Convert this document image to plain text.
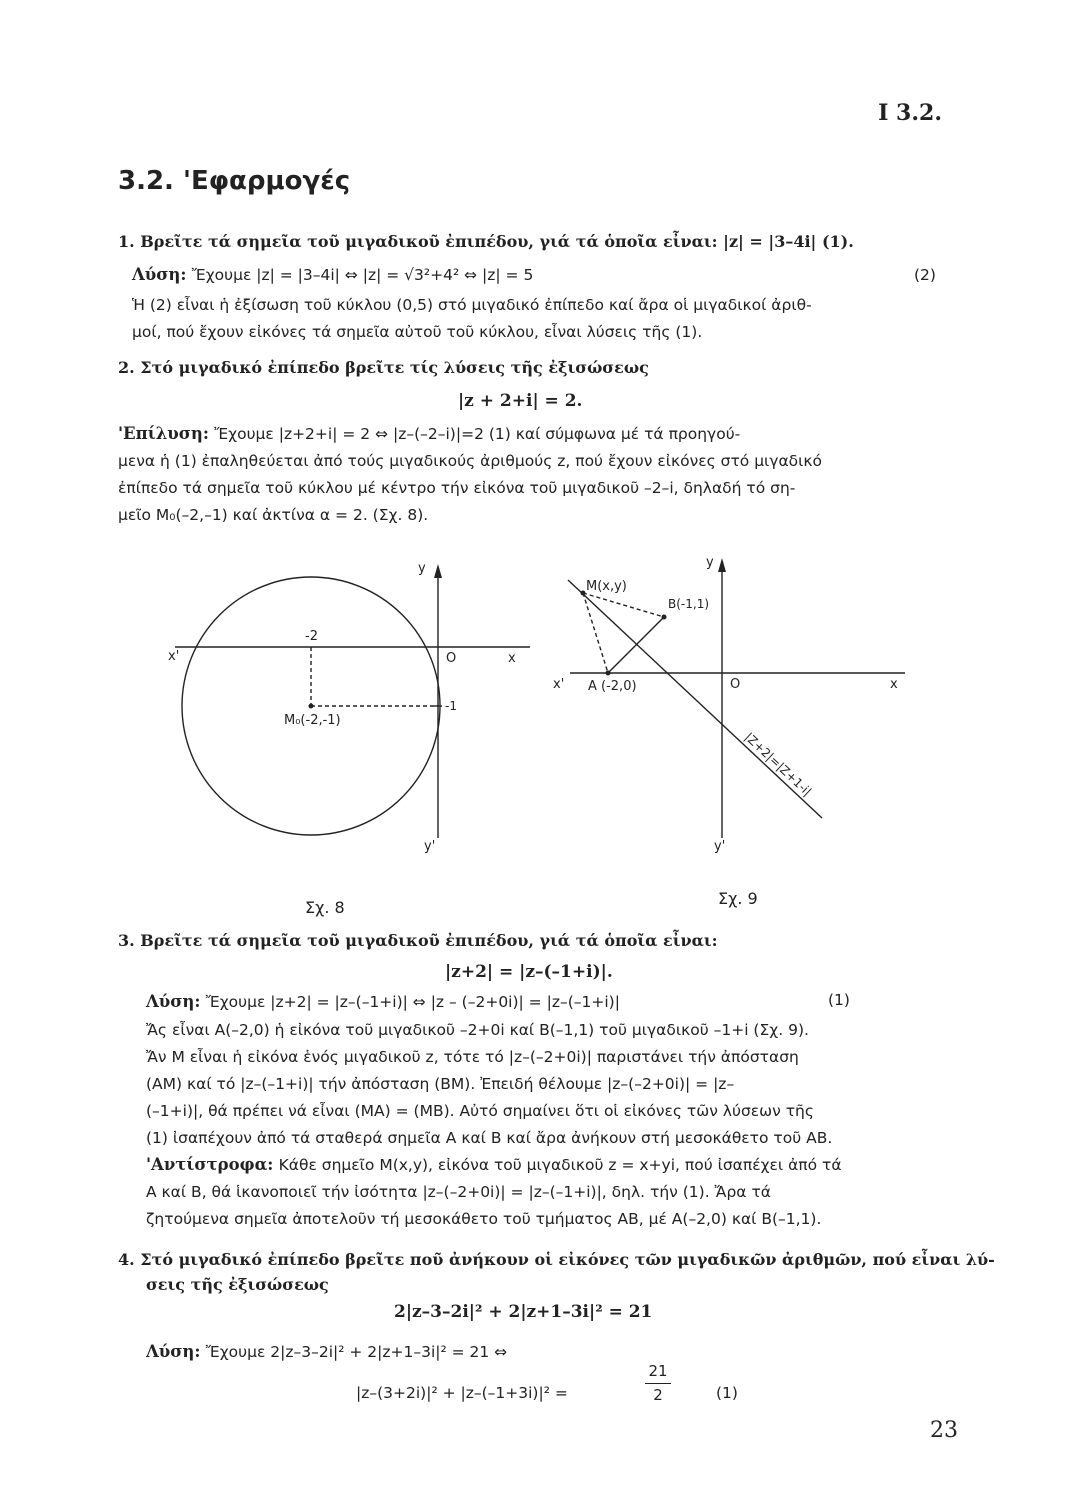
I 3.2.
3.2. 'Εφαρμογές
1. Βρεῖτε τά σημεῖα τοῦ μιγαδικοῦ ἐπιπέδου, γιά τά ὁποῖα εἶναι: |z| = |3–4i| (1).
Λύση: Ἔχουμε |z| = |3–4i| ⇔ |z| = √3²+4² ⇔ |z| = 5	(2)
Ἡ (2) εἶναι ἡ ἐξίσωση τοῦ κύκλου (0,5) στό μιγαδικό ἐπίπεδο καί ἄρα οἱ μιγαδικοί ἀριθ-
μοί, πού ἔχουν εἰκόνες τά σημεῖα αὐτοῦ τοῦ κύκλου, εἶναι λύσεις τῆς (1).
2. Στό μιγαδικό ἐπίπεδο βρεῖτε τίς λύσεις τῆς ἐξισώσεως
|z + 2+i| = 2.
'Επίλυση: Ἔχουμε |z+2+i| = 2 ⇔ |z–(–2–i)|=2 (1) καί σύμφωνα μέ τά προηγού-
μενα ἡ (1) ἐπαληθεύεται ἀπό τούς μιγαδικούς ἀριθμούς z, πού ἔχουν εἰκόνες στό μιγαδικό
ἐπίπεδο τά σημεῖα τοῦ κύκλου μέ κέντρο τήν εἰκόνα τοῦ μιγαδικοῦ –2–i, δηλαδή τό ση-
μεῖο M₀(–2,–1) καί ἀκτίνα α = 2. (Σχ. 8).
y
y'
x
x'	O
-2
-1
M₀(-2,-1)
y
y'
x
x'	O
M(x,y)
B(-1,1)
A (-2,0)
|Z+2|=|Z+1-i|
Σχ. 8	Σχ. 9
3. Βρεῖτε τά σημεῖα τοῦ μιγαδικοῦ ἐπιπέδου, γιά τά ὁποῖα εἶναι:
|z+2| = |z–(–1+i)|.
Λύση: Ἔχουμε |z+2| = |z–(–1+i)| ⇔ |z – (–2+0i)| = |z–(–1+i)|	(1)
Ἄς εἶναι A(–2,0) ἡ εἰκόνα τοῦ μιγαδικοῦ –2+0i καί B(–1,1) τοῦ μιγαδικοῦ –1+i (Σχ. 9).
Ἄν M εἶναι ἡ εἰκόνα ἑνός μιγαδικοῦ z, τότε τό |z–(–2+0i)| παριστάνει τήν ἀπόσταση
(AM) καί τό |z–(–1+i)| τήν ἀπόσταση (BM). Ἐπειδή θέλουμε |z–(–2+0i)| = |z–
(–1+i)|, θά πρέπει νά εἶναι (MA) = (MB). Αὐτό σημαίνει ὅτι οἱ εἰκόνες τῶν λύσεων τῆς
(1) ἰσαπέχουν ἀπό τά σταθερά σημεῖα A καί B καί ἄρα ἀνήκουν στή μεσοκάθετο τοῦ AB.
'Αντίστροφα: Κάθε σημεῖο M(x,y), εἰκόνα τοῦ μιγαδικοῦ z = x+yi, πού ἰσαπέχει ἀπό τά
A καί B, θά ἱκανοποιεῖ τήν ἰσότητα |z–(–2+0i)| = |z–(–1+i)|, δηλ. τήν (1). Ἄρα τά
ζητούμενα σημεῖα ἀποτελοῦν τή μεσοκάθετο τοῦ τμήματος AB, μέ A(–2,0) καί B(–1,1).
4. Στό μιγαδικό ἐπίπεδο βρεῖτε ποῦ ἀνήκουν οἱ εἰκόνες τῶν μιγαδικῶν ἀριθμῶν, πού εἶναι λύ-
σεις τῆς ἐξισώσεως
2|z–3–2i|² + 2|z+1–3i|² = 21
Λύση: Ἔχουμε 2|z–3–2i|² + 2|z+1–3i|² = 21 ⇔
|z–(3+2i)|² + |z–(–1+3i)|² =
21
2	(1)
23
